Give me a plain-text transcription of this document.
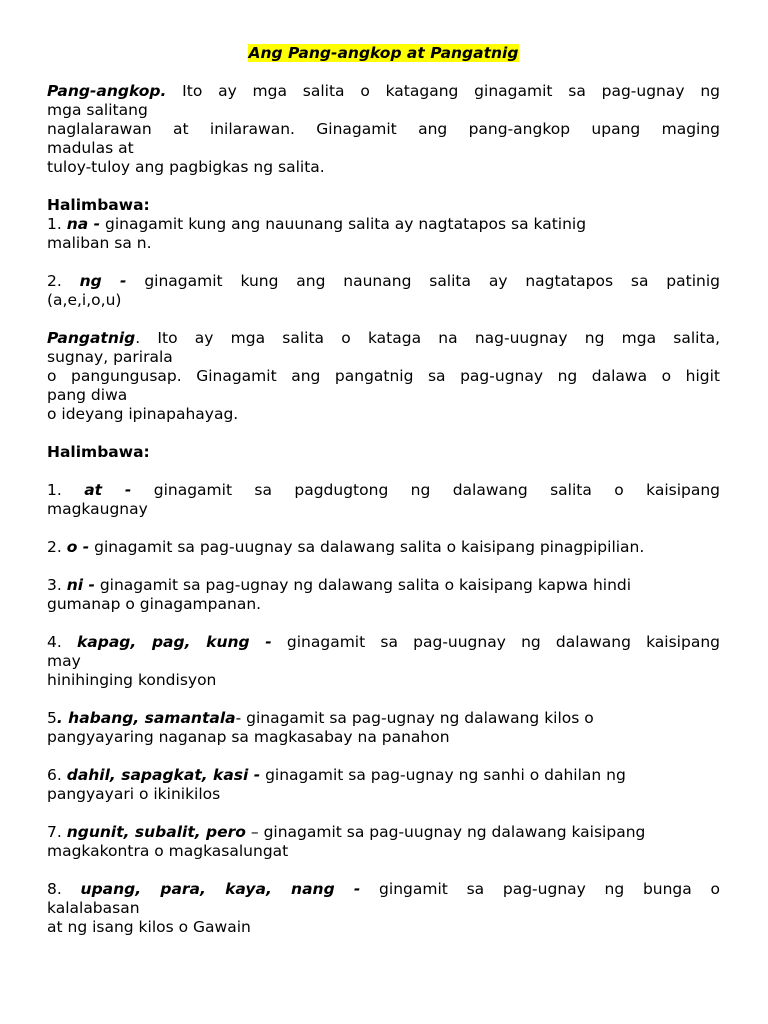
Ang Pang-angkop at Pangatnig
Pang-angkop. Ito ay mga salita o katagang ginagamit sa pag-ugnay ng
mga salitang
naglalarawan at inilarawan. Ginagamit ang pang-angkop upang maging
madulas at
tuloy-tuloy ang pagbigkas ng salita.
Halimbawa:
1. na - ginagamit kung ang nauunang salita ay nagtatapos sa katinig
maliban sa n.
2. ng - ginagamit kung ang naunang salita ay nagtatapos sa patinig
(a,e,i,o,u)
Pangatnig. Ito ay mga salita o kataga na nag-uugnay ng mga salita,
sugnay, parirala
o pangungusap. Ginagamit ang pangatnig sa pag-ugnay ng dalawa o higit
pang diwa
o ideyang ipinapahayag.
Halimbawa:
1. at - ginagamit sa pagdugtong ng dalawang salita o kaisipang
magkaugnay
2. o - ginagamit sa pag-uugnay sa dalawang salita o kaisipang pinagpipilian.
3. ni - ginagamit sa pag-ugnay ng dalawang salita o kaisipang kapwa hindi
gumanap o ginagampanan.
4. kapag, pag, kung - ginagamit sa pag-uugnay ng dalawang kaisipang
may
hinihinging kondisyon
5. habang, samantala- ginagamit sa pag-ugnay ng dalawang kilos o
pangyayaring naganap sa magkasabay na panahon
6. dahil, sapagkat, kasi - ginagamit sa pag-ugnay ng sanhi o dahilan ng
pangyayari o ikinikilos
7. ngunit, subalit, pero – ginagamit sa pag-uugnay ng dalawang kaisipang
magkakontra o magkasalungat
8. upang, para, kaya, nang - gingamit sa pag-ugnay ng bunga o
kalalabasan
at ng isang kilos o Gawain
